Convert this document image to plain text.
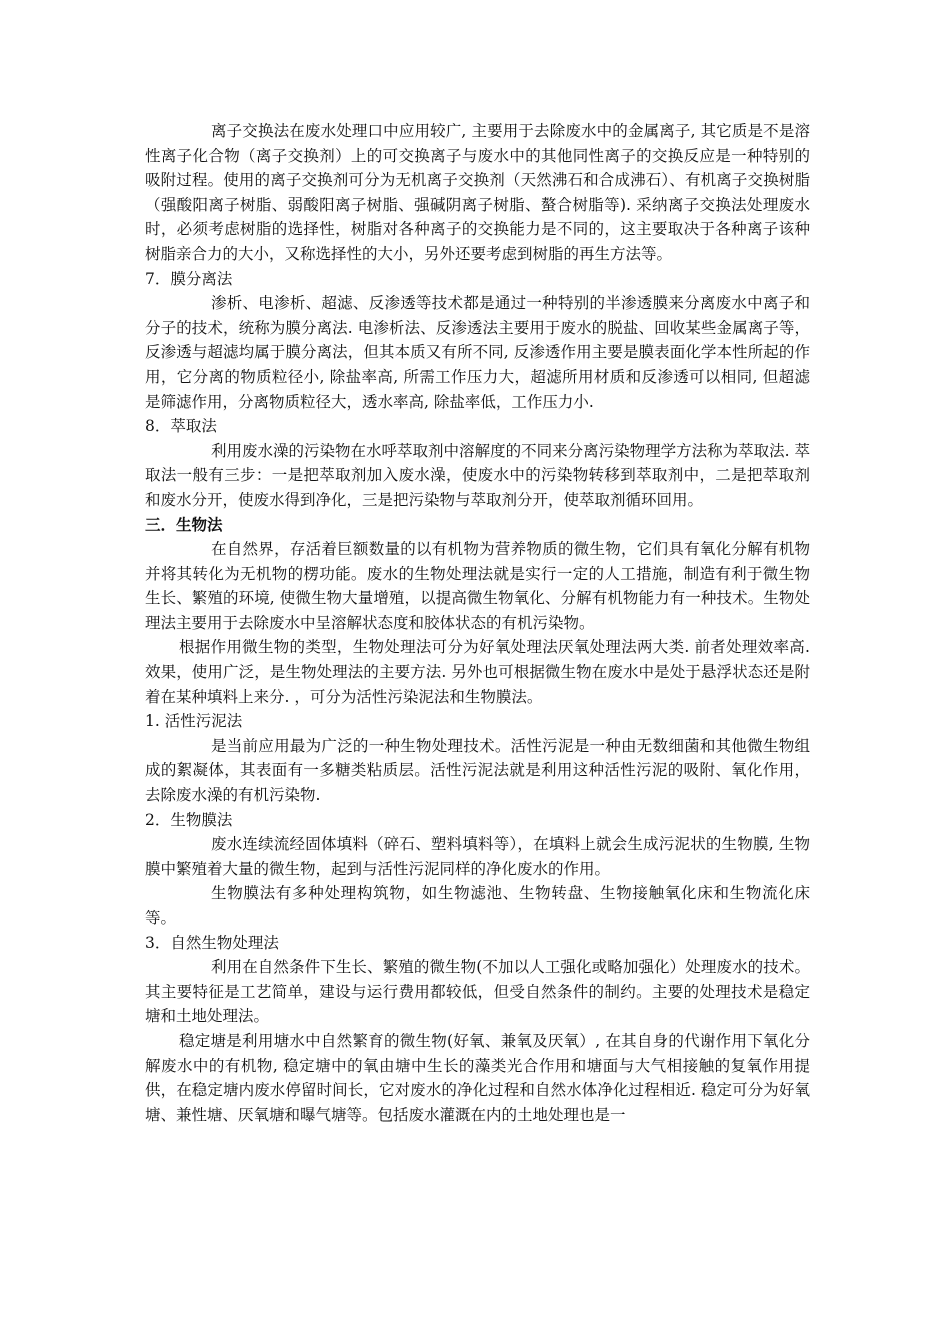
离子交换法在废水处理口中应用较广, 主要用于去除废水中的金属离子, 其它质是不是溶性离子化合物（离子交换剂）上的可交换离子与废水中的其他同性离子的交换反应是一种特别的吸附过程。使用的离子交换剂可分为无机离子交换剂（天然沸石和合成沸石）、有机离子交换树脂（强酸阳离子树脂、弱酸阳离子树脂、强碱阴离子树脂、螯合树脂等). 采纳离子交换法处理废水时，必须考虑树脂的选择性，树脂对各种离子的交换能力是不同的，这主要取决于各种离子该种树脂亲合力的大小，又称选择性的大小，另外还要考虑到树脂的再生方法等。

7．膜分离法

渗析、电渗析、超滤、反渗透等技术都是通过一种特别的半渗透膜来分离废水中离子和分子的技术，统称为膜分离法. 电渗析法、反渗透法主要用于废水的脱盐、回收某些金属离子等，反渗透与超滤均属于膜分离法，但其本质又有所不同, 反渗透作用主要是膜表面化学本性所起的作用，它分离的物质粒径小, 除盐率高, 所需工作压力大，超滤所用材质和反渗透可以相同, 但超滤是筛滤作用，分离物质粒径大，透水率高, 除盐率低，工作压力小.

8．萃取法

利用废水澡的污染物在水呼萃取剂中溶解度的不同来分离污染物理学方法称为萃取法. 萃取法一般有三步：一是把萃取剂加入废水澡，使废水中的污染物转移到萃取剂中，二是把萃取剂和废水分开，使废水得到净化，三是把污染物与萃取剂分开，使萃取剂循环回用。

三．生物法

在自然界，存活着巨额数量的以有机物为营养物质的微生物，它们具有氧化分解有机物并将其转化为无机物的楞功能。废水的生物处理法就是实行一定的人工措施，制造有利于微生物生长、繁殖的环境, 使微生物大量增殖，以提高微生物氧化、分解有机物能力有一种技术。生物处理法主要用于去除废水中呈溶解状态度和胶体状态的有机污染物。

根据作用微生物的类型，生物处理法可分为好氧处理法厌氧处理法两大类. 前者处理效率高. 效果，使用广泛，是生物处理法的主要方法. 另外也可根据微生物在废水中是处于悬浮状态还是附着在某种填料上来分. ，可分为活性污染泥法和生物膜法。

1. 活性污泥法

是当前应用最为广泛的一种生物处理技术。活性污泥是一种由无数细菌和其他微生物组成的絮凝体，其表面有一多糖类粘质层。活性污泥法就是利用这种活性污泥的吸附、氧化作用，去除废水澡的有机污染物.

2．生物膜法

废水连续流经固体填料（碎石、塑料填料等），在填料上就会生成污泥状的生物膜, 生物膜中繁殖着大量的微生物，起到与活性污泥同样的净化废水的作用。

生物膜法有多种处理构筑物，如生物滤池、生物转盘、生物接触氧化床和生物流化床等。

3．自然生物处理法

利用在自然条件下生长、繁殖的微生物(不加以人工强化或略加强化）处理废水的技术。其主要特征是工艺简单，建设与运行费用都较低，但受自然条件的制约。主要的处理技术是稳定塘和土地处理法。

稳定塘是利用塘水中自然繁育的微生物(好氧、兼氧及厌氧）, 在其自身的代谢作用下氧化分解废水中的有机物, 稳定塘中的氧由塘中生长的藻类光合作用和塘面与大气相接触的复氧作用提供，在稳定塘内废水停留时间长，它对废水的净化过程和自然水体净化过程相近. 稳定可分为好氧塘、兼性塘、厌氧塘和曝气塘等。包括废水灌溉在内的土地处理也是一
